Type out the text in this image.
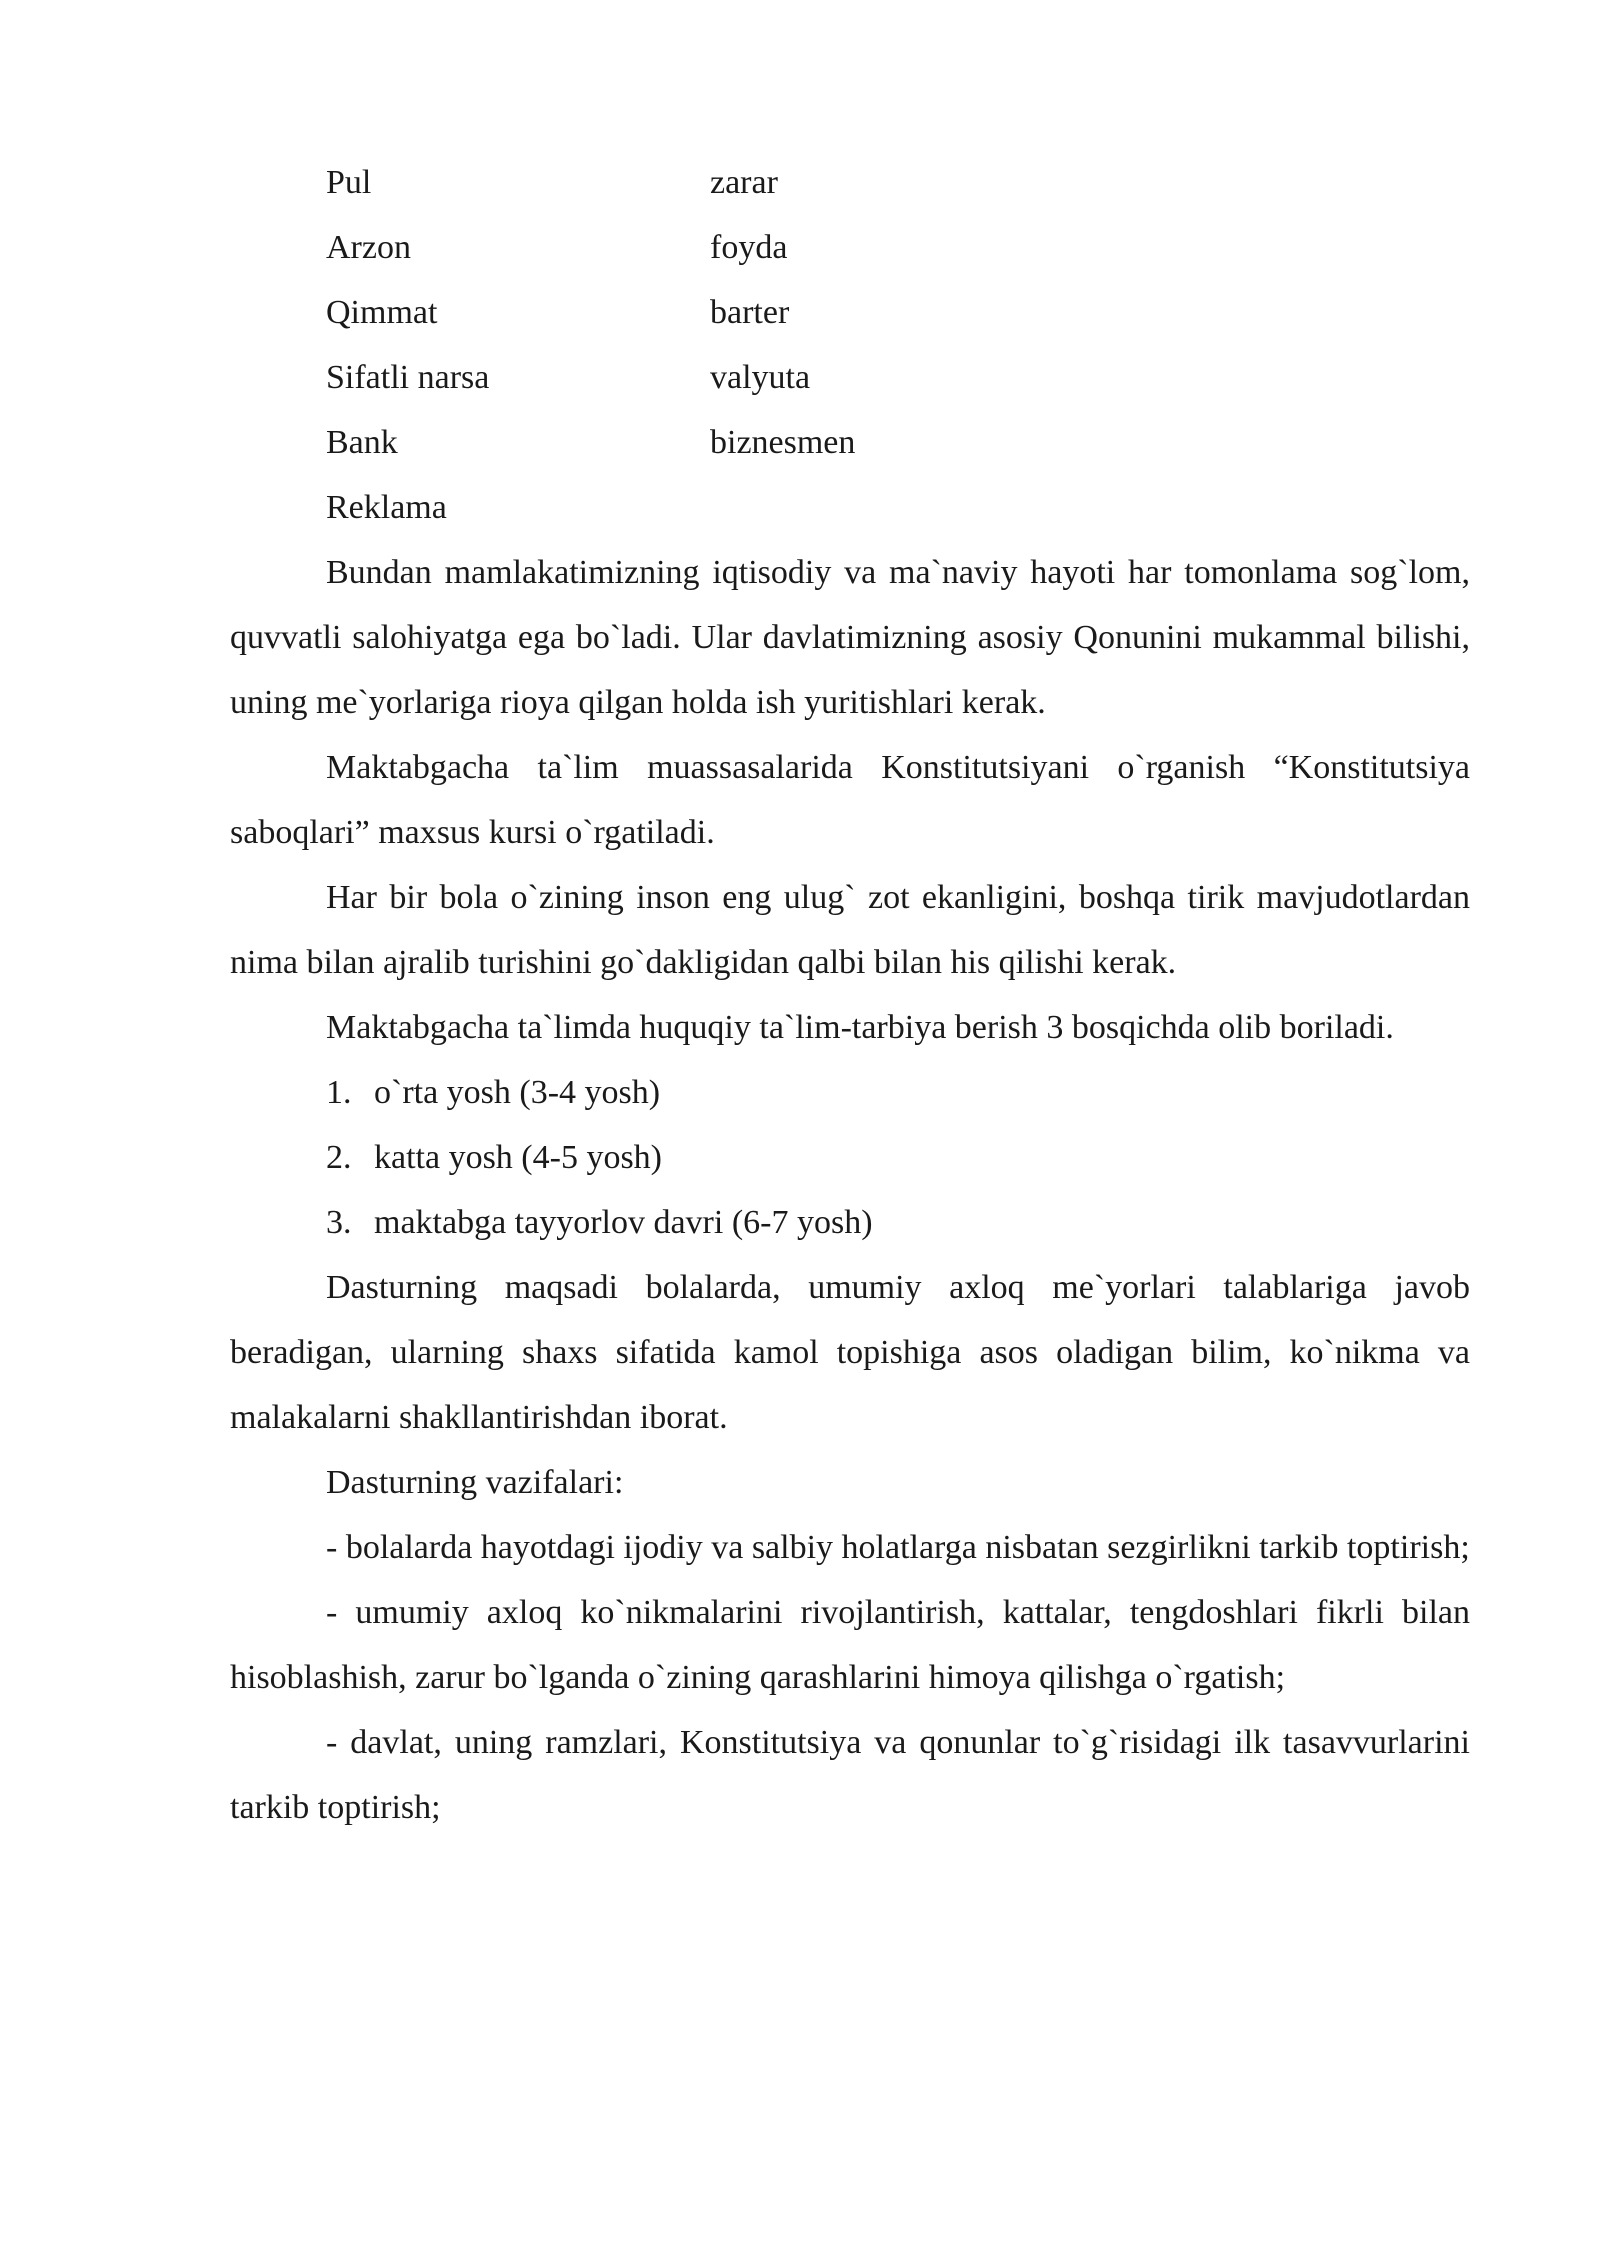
Pul	zarar
Arzon	foyda
Qimmat	barter
Sifatli narsa	valyuta
Bank	biznesmen
Reklama

Bundan mamlakatimizning iqtisodiy va ma`naviy hayoti har tomonlama sog`lom, quvvatli salohiyatga ega bo`ladi. Ular davlatimizning asosiy Qonunini mukammal bilishi, uning me`yorlariga rioya qilgan holda ish yuritishlari kerak.

Maktabgacha ta`lim muassasalarida Konstitutsiyani o`rganish “Konstitutsiya saboqlari” maxsus kursi o`rgatiladi.

Har bir bola o`zining inson eng ulug` zot ekanligini, boshqa tirik mavjudotlardan nima bilan ajralib turishini go`dakligidan qalbi bilan his qilishi kerak.

Maktabgacha ta`limda huquqiy ta`lim-tarbiya berish 3 bosqichda olib boriladi.

1. o`rta yosh (3-4 yosh)
2. katta yosh (4-5 yosh)
3. maktabga tayyorlov davri (6-7 yosh)

Dasturning maqsadi bolalarda, umumiy axloq me`yorlari talablariga javob beradigan, ularning shaxs sifatida kamol topishiga asos oladigan bilim, ko`nikma va malakalarni shakllantirishdan iborat.

Dasturning vazifalari:

- bolalarda hayotdagi ijodiy va salbiy holatlarga nisbatan sezgirlikni tarkib toptirish;

- umumiy axloq ko`nikmalarini rivojlantirish, kattalar, tengdoshlari fikrli bilan hisoblashish, zarur bo`lganda o`zining qarashlarini himoya qilishga o`rgatish;

- davlat, uning ramzlari, Konstitutsiya va qonunlar to`g`risidagi ilk tasavvurlarini tarkib toptirish;
